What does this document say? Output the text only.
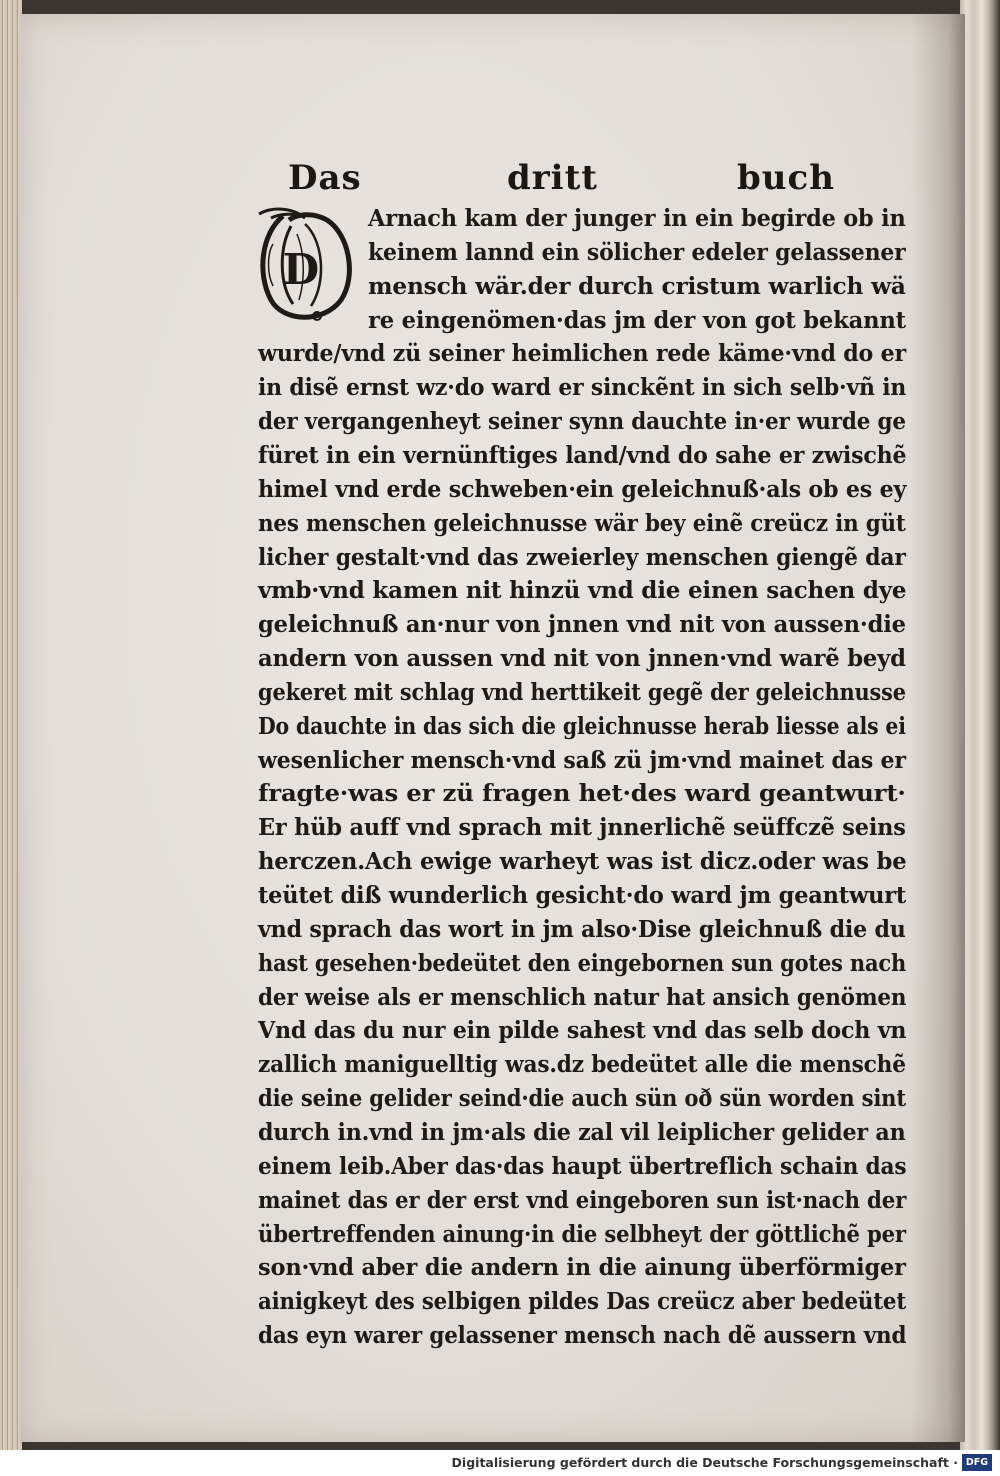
Das	dritt	buch
D
Arnach kam der junger in ein begirde ob in
keinem lannd ein sölicher edeler gelassener
mensch wär.der durch cristum warlich wä
re eingenömen·das jm der von got bekannt
wurde/vnd zü seiner heimlichen rede käme·vnd do er
in disẽ ernst wz·do ward er sinckẽnt in sich selb·vñ in
der vergangenheyt seiner synn dauchte in·er wurde ge
füret in ein vernünftiges land/vnd do sahe er zwischẽ
himel vnd erde schweben·ein geleichnuß·als ob es ey
nes menschen geleichnusse wär bey einẽ creücz in güt
licher gestalt·vnd das zweierley menschen giengẽ dar
vmb·vnd kamen nit hinzü vnd die einen sachen dye
geleichnuß an·nur von jnnen vnd nit von aussen·die
andern von aussen vnd nit von jnnen·vnd warẽ beyd
gekeret mit schlag vnd herttikeit gegẽ der geleichnusse
Do dauchte in das sich die gleichnusse herab liesse als ei
wesenlicher mensch·vnd saß zü jm·vnd mainet das er
fragte·was er zü fragen het·des ward geantwurt·
Er hüb auff vnd sprach mit jnnerlichẽ seüffczẽ seins
herczen.Ach ewige warheyt was ist dicz.oder was be
teütet diß wunderlich gesicht·do ward jm geantwurt
vnd sprach das wort in jm also·Dise gleichnuß die du
hast gesehen·bedeütet den eingebornen sun gotes nach
der weise als er menschlich natur hat ansich genömen
Vnd das du nur ein pilde sahest vnd das selb doch vn
zallich maniguelltig was.dz bedeütet alle die menschẽ
die seine gelider seind·die auch sün oð sün worden sint
durch in.vnd in jm·als die zal vil leiplicher gelider an
einem leib.Aber das·das haupt übertreflich schain das
mainet das er der erst vnd eingeboren sun ist·nach der
übertreffenden ainung·in die selbheyt der göttlichẽ per
son·vnd aber die andern in die ainung überförmiger
ainigkeyt des selbigen pildes Das creücz aber bedeütet
das eyn warer gelassener mensch nach dẽ aussern vnd
Digitalisierung gefördert durch die Deutsche Forschungsgemeinschaft · DFG
